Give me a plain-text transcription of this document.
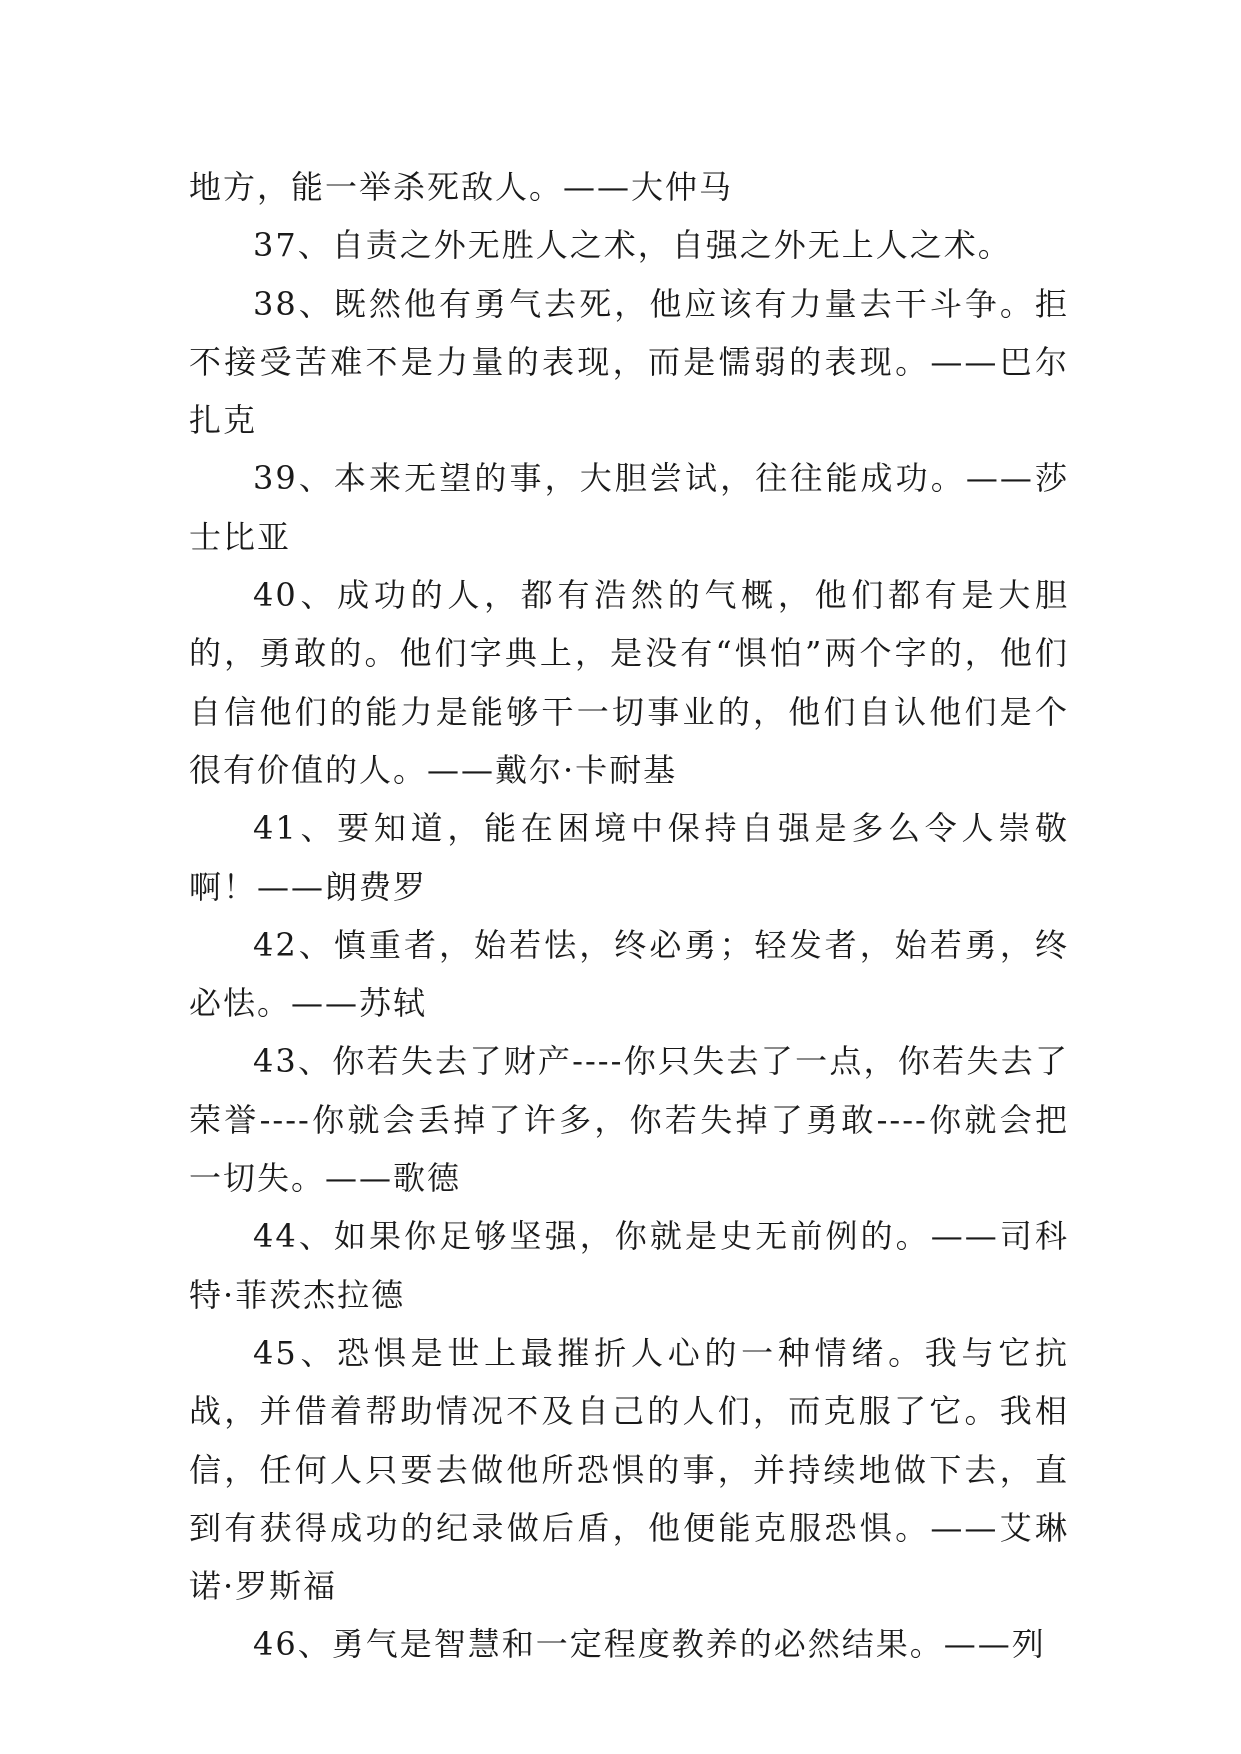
地方，能一举杀死敌人。——大仲马

37、自责之外无胜人之术，自强之外无上人之术。

38、既然他有勇气去死，他应该有力量去干斗争。拒不接受苦难不是力量的表现，而是懦弱的表现。——巴尔扎克

39、本来无望的事，大胆尝试，往往能成功。——莎士比亚

40、成功的人，都有浩然的气概，他们都有是大胆的，勇敢的。他们字典上，是没有“惧怕”两个字的，他们自信他们的能力是能够干一切事业的，他们自认他们是个很有价值的人。——戴尔·卡耐基

41、要知道，能在困境中保持自强是多么令人崇敬啊！——朗费罗

42、慎重者，始若怯，终必勇；轻发者，始若勇，终必怯。——苏轼

43、你若失去了财产----你只失去了一点，你若失去了荣誉----你就会丢掉了许多，你若失掉了勇敢----你就会把一切失。——歌德

44、如果你足够坚强，你就是史无前例的。——司科特·菲茨杰拉德

45、恐惧是世上最摧折人心的一种情绪。我与它抗战，并借着帮助情况不及自己的人们，而克服了它。我相信，任何人只要去做他所恐惧的事，并持续地做下去，直到有获得成功的纪录做后盾，他便能克服恐惧。——艾琳诺·罗斯福

46、勇气是智慧和一定程度教养的必然结果。——列
